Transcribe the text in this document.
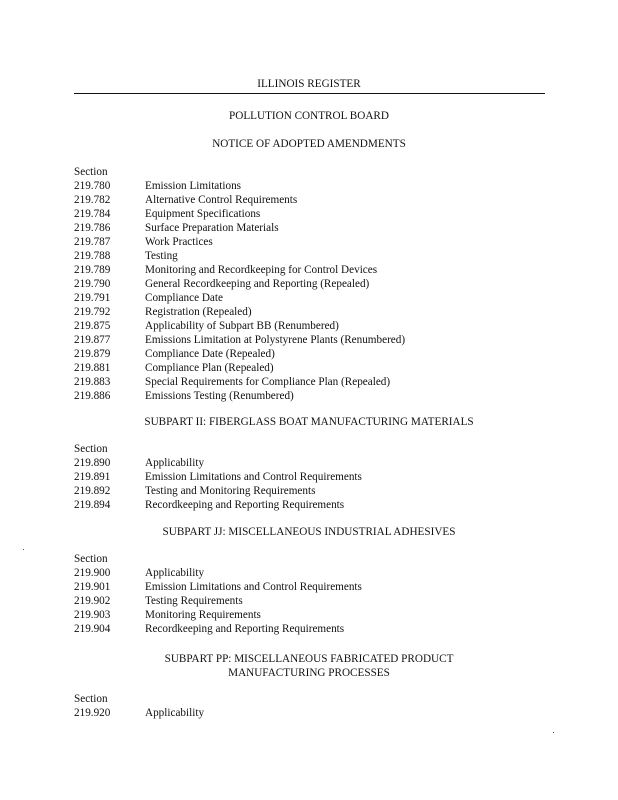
ILLINOIS REGISTER
POLLUTION CONTROL BOARD
NOTICE OF ADOPTED AMENDMENTS
Section
219.780	Emission Limitations
219.782	Alternative Control Requirements
219.784	Equipment Specifications
219.786	Surface Preparation Materials
219.787	Work Practices
219.788	Testing
219.789	Monitoring and Recordkeeping for Control Devices
219.790	General Recordkeeping and Reporting (Repealed)
219.791	Compliance Date
219.792	Registration (Repealed)
219.875	Applicability of Subpart BB (Renumbered)
219.877	Emissions Limitation at Polystyrene Plants (Renumbered)
219.879	Compliance Date (Repealed)
219.881	Compliance Plan (Repealed)
219.883	Special Requirements for Compliance Plan (Repealed)
219.886	Emissions Testing (Renumbered)
SUBPART II: FIBERGLASS BOAT MANUFACTURING MATERIALS
Section
219.890	Applicability
219.891	Emission Limitations and Control Requirements
219.892	Testing and Monitoring Requirements
219.894	Recordkeeping and Reporting Requirements
SUBPART JJ: MISCELLANEOUS INDUSTRIAL ADHESIVES
Section
219.900	Applicability
219.901	Emission Limitations and Control Requirements
219.902	Testing Requirements
219.903	Monitoring Requirements
219.904	Recordkeeping and Reporting Requirements
SUBPART PP: MISCELLANEOUS FABRICATED PRODUCT
MANUFACTURING PROCESSES
Section
219.920	Applicability
